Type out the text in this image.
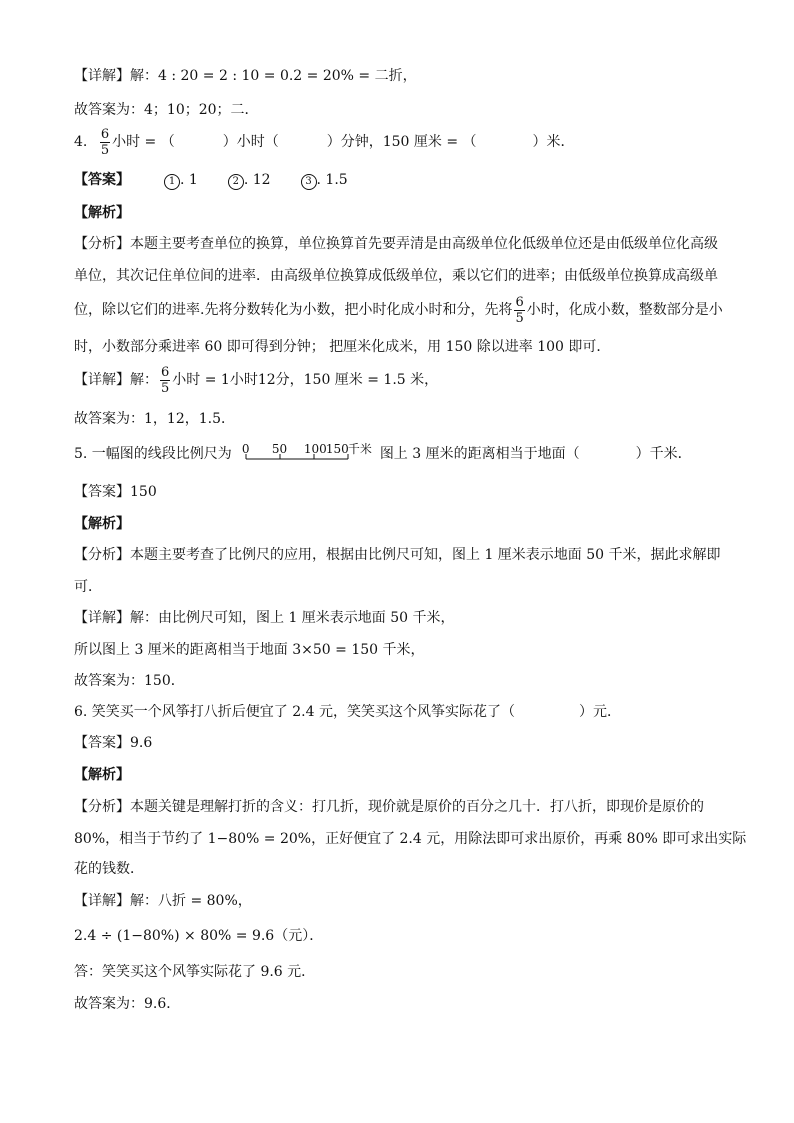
【详解】解：4 : 20 = 2 : 10 = 0.2 = 20% = 二折，
故答案为：4；10；20；二．
4. $\frac{6}{5}$ 小时 = （	）小时（	）分钟，150 厘米 = （	）米．
【答案】	1 . 1	2 . 12	3 . 1.5
【解析】
【分析】本题主要考查单位的换算，单位换算首先要弄清是由高级单位化低级单位还是由低级单位化高级
单位，其次记住单位间的进率．由高级单位换算成低级单位，乘以它们的进率；由低级单位换算成高级单
位，除以它们的进率.先将分数转化为小数，把小时化成小时和分，先将 $\frac{6}{5}$ 小时，化成小数，整数部分是小
时，小数部分乘进率 60 即可得到分钟； 把厘米化成米，用 150 除以进率 100 即可．
【详解】解： $\frac{6}{5}$ 小时 = 1小时12分，150 厘米 = 1.5 米，
故答案为：1，12，1.5．
5. 一幅图的线段比例尺为 0 50 100 150 千米 图上 3 厘米的距离相当于地面（	）千米．
【答案】150
【解析】
【分析】本题主要考查了比例尺的应用，根据由比例尺可知，图上 1 厘米表示地面 50 千米，据此求解即
可．
【详解】解：由比例尺可知，图上 1 厘米表示地面 50 千米，
所以图上 3 厘米的距离相当于地面 3×50 = 150 千米，
故答案为：150．
6. 笑笑买一个风筝打八折后便宜了 2.4 元，笑笑买这个风筝实际花了（	）元．
【答案】9.6
【解析】
【分析】本题关键是理解打折的含义：打几折，现价就是原价的百分之几十．打八折，即现价是原价的
80%，相当于节约了 1−80% = 20%，正好便宜了 2.4 元，用除法即可求出原价，再乘 80% 即可求出实际
花的钱数．
【详解】解：八折 = 80%，
2.4 ÷ (1−80%) × 80% = 9.6（元）．
答：笑笑买这个风筝实际花了 9.6 元．
故答案为：9.6．
